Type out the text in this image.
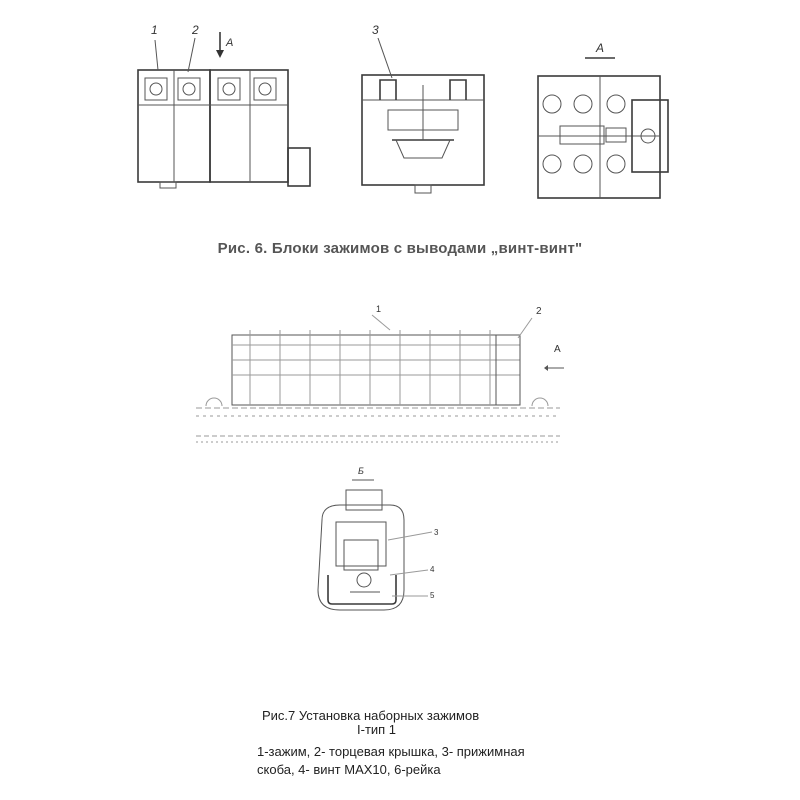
1	2
A
3
A
Рис. 6. Блоки зажимов с выводами „винт-винт"
1	2
A
Б
3
4
5
Рис.7 Установка наборных зажимов
I-тип 1
1-зажим, 2- торцевая крышка, 3- прижимная
скоба, 4- винт МАХ10, 6-рейка
